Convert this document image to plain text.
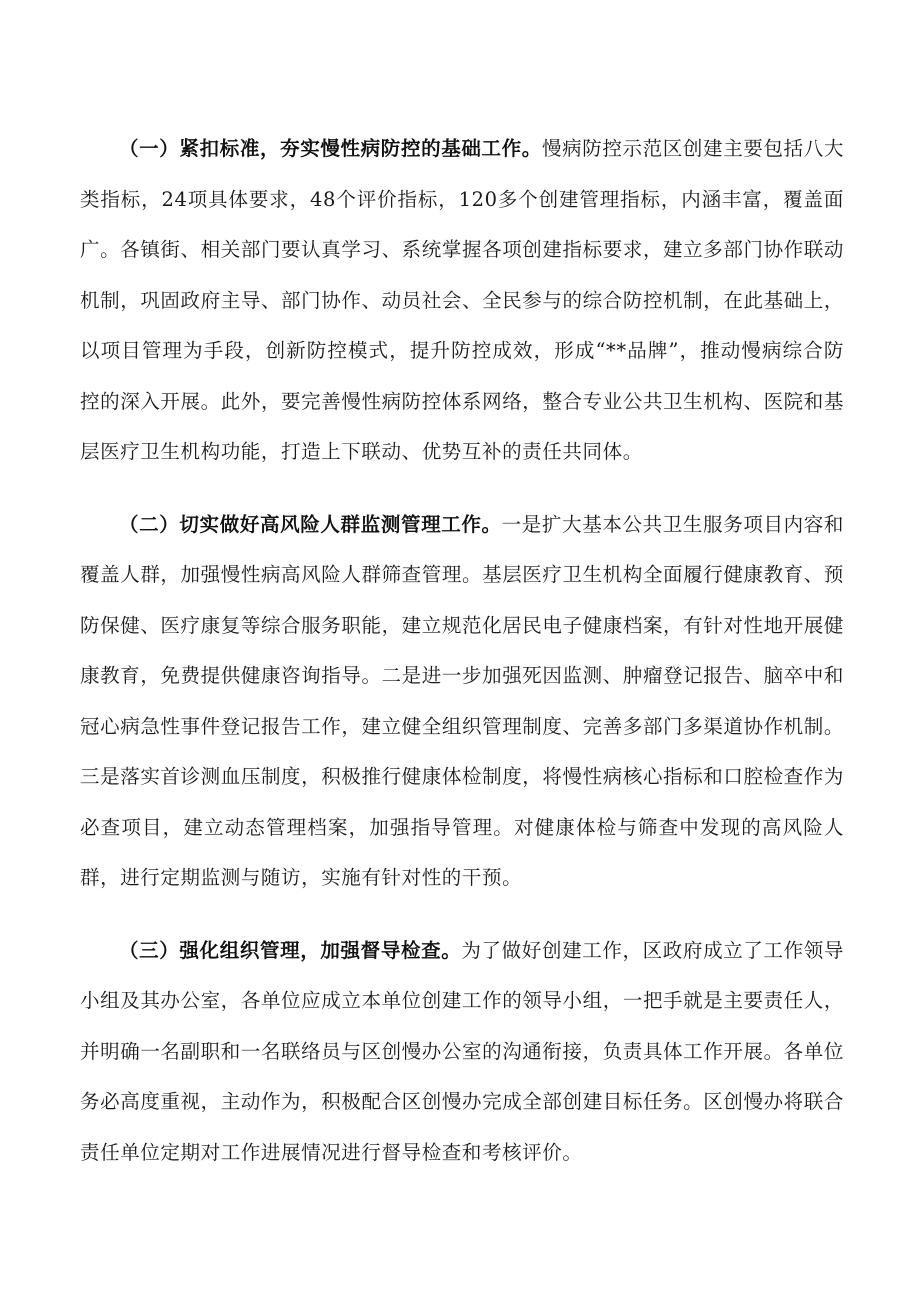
（一）紧扣标准，夯实慢性病防控的基础工作。慢病防控示范区创建主要包括八大类指标，24项具体要求，48个评价指标，120多个创建管理指标，内涵丰富，覆盖面广。各镇街、相关部门要认真学习、系统掌握各项创建指标要求，建立多部门协作联动机制，巩固政府主导、部门协作、动员社会、全民参与的综合防控机制，在此基础上，以项目管理为手段，创新防控模式，提升防控成效，形成“**品牌”，推动慢病综合防控的深入开展。此外，要完善慢性病防控体系网络，整合专业公共卫生机构、医院和基层医疗卫生机构功能，打造上下联动、优势互补的责任共同体。

（二）切实做好高风险人群监测管理工作。一是扩大基本公共卫生服务项目内容和覆盖人群，加强慢性病高风险人群筛查管理。基层医疗卫生机构全面履行健康教育、预防保健、医疗康复等综合服务职能，建立规范化居民电子健康档案，有针对性地开展健康教育，免费提供健康咨询指导。二是进一步加强死因监测、肿瘤登记报告、脑卒中和冠心病急性事件登记报告工作，建立健全组织管理制度、完善多部门多渠道协作机制。三是落实首诊测血压制度，积极推行健康体检制度，将慢性病核心指标和口腔检查作为必查项目，建立动态管理档案，加强指导管理。对健康体检与筛查中发现的高风险人群，进行定期监测与随访，实施有针对性的干预。

（三）强化组织管理，加强督导检查。为了做好创建工作，区政府成立了工作领导小组及其办公室，各单位应成立本单位创建工作的领导小组，一把手就是主要责任人，并明确一名副职和一名联络员与区创慢办公室的沟通衔接，负责具体工作开展。各单位务必高度重视，主动作为，积极配合区创慢办完成全部创建目标任务。区创慢办将联合责任单位定期对工作进展情况进行督导检查和考核评价。
